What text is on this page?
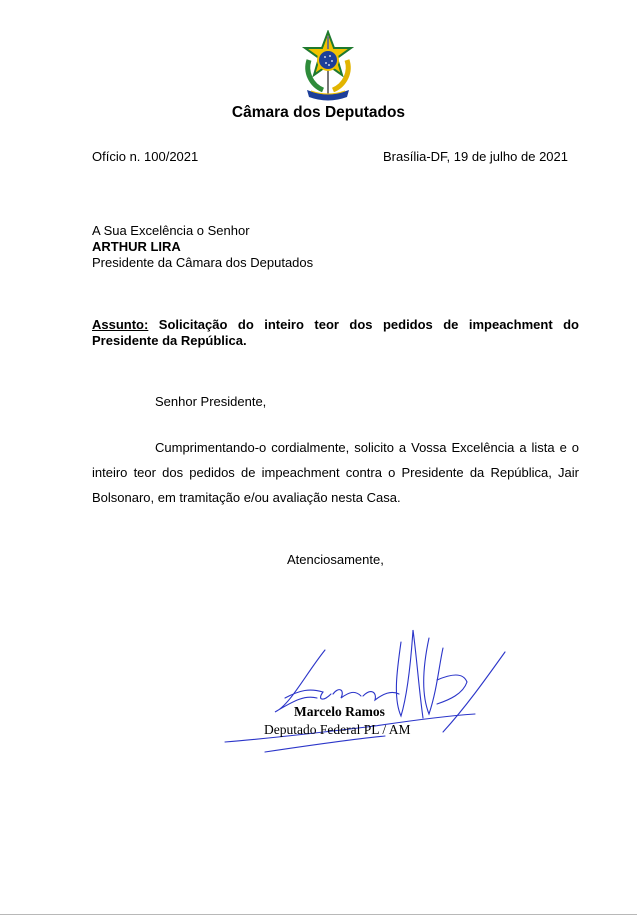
Câmara dos Deputados
Ofício n. 100/2021	Brasília-DF, 19 de julho de 2021
A Sua Excelência o Senhor
ARTHUR LIRA
Presidente da Câmara dos Deputados
Assunto: Solicitação do inteiro teor dos pedidos de impeachment do Presidente da República.
Senhor Presidente,
Cumprimentando-o cordialmente, solicito a Vossa Excelência a lista e o inteiro teor dos pedidos de impeachment contra o Presidente da República, Jair Bolsonaro, em tramitação e/ou avaliação nesta Casa.
Atenciosamente,
Marcelo Ramos
Deputado Federal PL / AM
